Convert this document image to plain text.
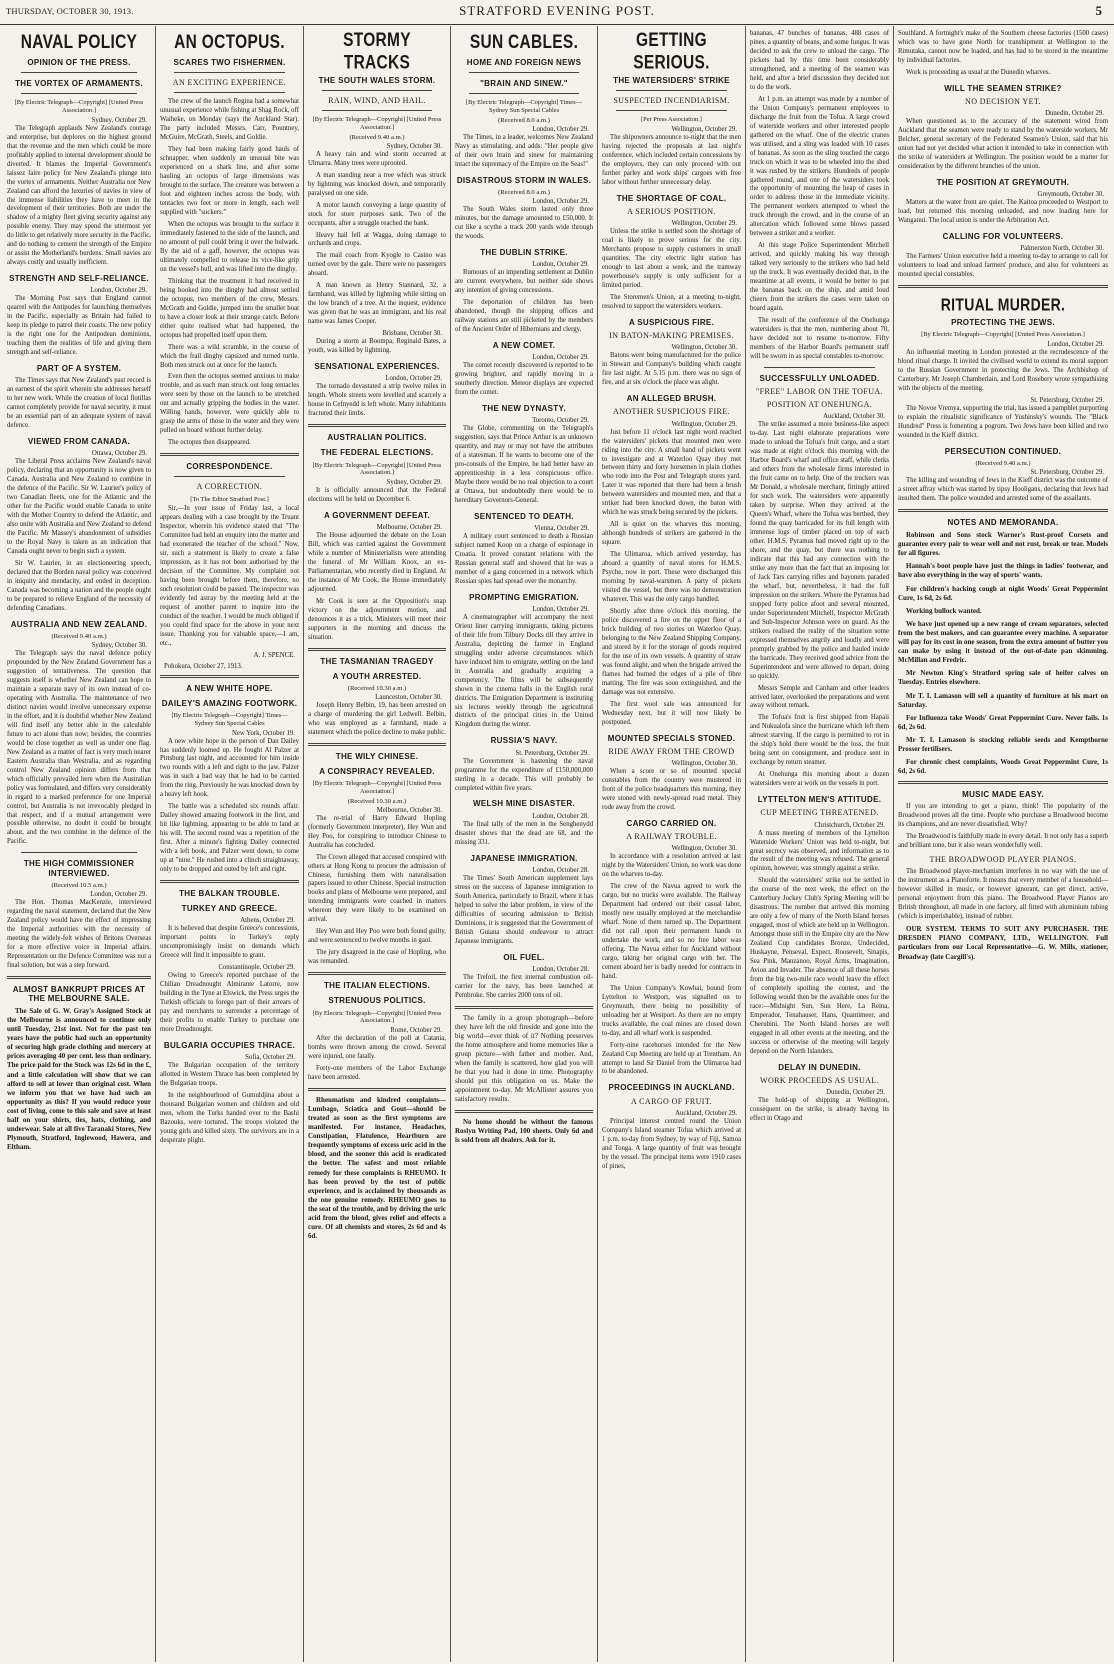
THURSDAY, OCTOBER 30, 1913.	STRATFORD EVENING POST.	5
NAVAL POLICY
OPINION OF THE PRESS.
THE VORTEX OF ARMAMENTS.
[By Electric Telegraph—Copyright] [United Press Association.]
Sydney, October 29.

The Telegraph applauds New Zealand's courage and enterprise, but deplores on the highest ground that the revenue and the men which could be more profitably applied to internal development should be diverted. It blames the Imperial Government's laissez faire policy for New Zealand's plunge into the vortex of armaments. Neither Australia nor New Zealand can afford the luxuries of navies in view of the immense liabilities they have to meet in the development of their territories. Both are under the shadow of a mighty fleet giving security against any possible enemy. They may spend the uttermost yet do little to get relatively more security in the Pacific, and do nothing to cement the strength of the Empire or assist the Motherland's burdens. Small navies are always costly and usually inefficient.

STRENGTH AND SELF-RELIANCE.
London, October 29.

The Morning Post says that England cannot quarrel with the Antipodes for launching themselves in the Pacific, especially as Britain had failed to keep its pledge to patrol their coasts. The new policy is the right one for the Antipodean dominions, teaching them the realities of life and giving them strength and self-reliance.

PART OF A SYSTEM.

The Times says that New Zealand's past record is an earnest of the spirit wherein she addresses herself to her new work. While the creation of local flotillas cannot completely provide for naval security, it must be an essential part of an adequate system of naval defence.

VIEWED FROM CANADA.
Ottawa, October 29.

The Liberal Press acclaims New Zealand's naval policy, declaring that an opportunity is now given to Canada, Australia and New Zealand to combine in the defence of the Pacific. Sir W. Laurier's policy of two Canadian fleets, one for the Atlantic and the other for the Pacific would enable Canada to unite with the Mother Country to defend the Atlantic, and also unite with Australia and New Zealand to defend the Pacific. Mr Massey's abandonment of subsidies to the Royal Navy is taken as an indication that Canada ought never to begin such a system.

Sir W. Laurier, in an electioneering speech, declared that the Borden naval policy was conceived in iniquity and mendacity, and ended in deception. Canada was becoming a nation and the people ought to be prepared to relieve England of the necessity of defending Canadians.

AUSTRALIA AND NEW ZEALAND.
(Received 9.40 a.m.)
Sydney, October 30.

The Telegraph says the naval defence policy propounded by the New Zealand Government has a suggestion of tentativeness. The question that suggests itself is whether New Zealand can hope to maintain a separate navy of its own instead of co-operating with Australia. The maintenance of two distinct navies would involve unnecessary expense in the effort, and it is doubtful whether New Zealand will find itself any better able in the calculable future to act alone than now; besides, the countries would be close together as well as under one flag. New Zealand as a matter of fact is very much nearer Eastern Australia than Westralia, and as regarding control New Zealand opinion differs from that which officially prevailed here when the Australian policy was formulated, and differs very considerably in regard to a marked preference for one Imperial control, but Australia is not irrevocably pledged in that respect, and if a mutual arrangement were possible otherwise, no doubt it could be brought about, and the two combine in the defence of the Pacific.

THE HIGH COMMISSIONER INTERVIEWED.
(Received 10.5 a.m.)
London, October 29.

The Hon. Thomas MacKenzie, interviewed regarding the naval statement, declared that the New Zealand policy would have the effect of impressing the Imperial authorities with the necessity of meeting the widely-felt wishes of Britons Overseas for a more effective voice in Imperial affairs. Representation on the Defence Committee was not a final solution, but was a step forward.

ALMOST BANKRUPT PRICES AT THE MELBOURNE SALE.

The Sale of G. W. Gray's Assigned Stock at the Melbourne is announced to continue only until Tuesday, 21st inst. Not for the past ten years have the public had such an opportunity of securing high grade clothing and mercery at prices averaging 40 per cent. less than ordinary. The price paid for the Stock was 12s 6d in the £, and a little calculation will show that we can afford to sell at lower than original cost. When we inform you that we have had such an opportunity as this? If you would reduce your cost of living, come to this sale and save at least half on your shirts, ties, hats, clothing, and underwear. Sale at all five Taranaki Stores, New Plymouth, Stratford, Inglewood, Hawera, and Eltham.

AN OCTOPUS.
SCARES TWO FISHERMEN.
AN EXCITING EXPERIENCE.

The crew of the launch Regina had a somewhat unusual experience while fishing at Shag Rock, off Waiheke, on Monday (says the Auckland Star). The party included Messrs. Carr, Pountney, McGuire, McGrath, Steels, and Goldie.

They had been making fairly good hauls of schnapper, when suddenly an unusual bite was experienced on a shark line, and after some hauling an octopus of large dimensions was brought to the surface. The creature was between a foot and eighteen inches across the body, with tentacles two feet or more in length, each well supplied with "suckers."

When the octopus was brought to the surface it immediately fastened to the side of the launch, and no amount of pull could bring it over the bulwark. By the aid of a gaff, however, the octopus was ultimately compelled to release its vice-like grip on the vessel's hull, and was lifted into the dinghy.

Thinking that the treatment it had received in being hooked into the dinghy had almost settled the octopus, two members of the crew, Messrs. McGrath and Goldie, jumped into the smaller boat to have a closer look at their strange catch. Before either quite realised what had happened, the octopus had propelled itself upon them.

There was a wild scramble, in the course of which the frail dinghy capsized and turned turtle. Both men struck out at once for the launch.

Even then the octopus seemed anxious to make trouble, and as each man struck out long tentacles were seen by those on the launch to be stretched out and actually gripping the bodies in the water. Willing hands, however, were quickly able to grasp the arms of those in the water and they were pulled on board without further delay.

The octopus then disappeared.

CORRESPONDENCE.
A CORRECTION.
[To The Editor Stratford Post.]

Sir,—In your issue of Friday last, a local appears dealing with a case brought by the Truant Inspector, wherein his evidence stated that "The Committee had held an enquiry into the matter and had exonerated the teacher of the school." Now, sir, such a statement is likely to create a false impression, as it has not been authorised by the decision of the Committee. My complaint not having been brought before them, therefore, no such resolution could be passed. The inspector was evidently led astray by the meeting held at the request of another parent to inquire into the conduct of the teacher. I would be much obliged if you could find space for the above in your next issue. Thanking you for valuable space,—I am, etc.,

A. J. SPENCE.
Pohokura, October 27, 1913.
A NEW WHITE HOPE.
DAILEY'S AMAZING FOOTWORK.
[By Electric Telegraph—Copyright] Times—Sydney Sun Special Cables
New York, October 19.

A new white hope in the person of Dan Dailey has suddenly loomed up. He fought Al Palzer at Pittsburg last night, and accounted for him inside two rounds with a left and right to the jaw. Palzer was in such a bad way that he had to be carried from the ring. Previously he was knocked down by a heavy left hook.

The battle was a scheduled six rounds affair. Dailey showed amazing footwork in the first, and hit like lightning, appearing to be able to land at his will. The second round was a repetition of the first. After a minute's fighting Dailey connected with a left hook, and Palzer went down, to come up at "nine." He rushed into a clinch straightaway, only to be dropped and outed by left and right.

THE BALKAN TROUBLE.
TURKEY AND GREECE.
Athens, October 29.

It is believed that despite Greece's concessions, important points in Turkey's reply uncompromisingly insist on demands which Greece will find it impossible to grant.

Constantinople, October 29.

Owing to Greece's reported purchase of the Chilian Dreadnought Almirante Latorre, now building in the Tyne at Elswick, the Press urges the Turkish officials to forego part of their arrears of pay and merchants to surrender a percentage of their profits to enable Turkey to purchase one more Dreadnought.

BULGARIA OCCUPIES THRACE.
Sofia, October 29.

The Bulgarian occupation of the territory allotted in Western Thrace has been completed by the Bulgarian troops.

In the neighbourhood of Gumuldjina about a thousand Bulgarian women and children and old men, whom the Turks handed over to the Bashi Bazouks, were tortured. The troops violated the young girls and killed sixty. The survivors are in a desperate plight.

STORMY TRACKS
THE SOUTH WALES STORM.
RAIN, WIND, AND HAIL.
[By Electric Telegraph—Copyright] [United Press Association.]
(Received 9.40 a.m.)
Sydney, October 30.

A heavy rain and wind storm occurred at Ulmarra. Many trees were uprooted.

A man standing near a tree which was struck by lightning was knocked down, and temporarily paralysed on one side.

A motor launch conveying a large quantity of stock for store purposes sank. Two of the occupants, after a struggle reached the bank.

Heavy hail fell at Wagga, doing damage to orchards and crops.

The mail coach from Kyogle to Casino was turned over by the gale. There were no passengers aboard.

A man known as Henry Stannard, 32, a farmhand, was killed by lightning while sitting on the low branch of a tree. At the inquest, evidence was given that he was an immigrant, and his real name was James Cooper.

Brisbane, October 30.

During a storm at Boompa, Reginald Bates, a youth, was killed by lightning.

SENSATIONAL EXPERIENCES.
London, October 29.

The tornado devastated a strip twelve miles in length. Whole streets were levelled and scarcely a house in Cefnyedd is left whole. Many inhabitants fractured their limbs.

AUSTRALIAN POLITICS.
THE FEDERAL ELECTIONS.
[By Electric Telegraph—Copyright] [United Press Association.]
Sydney, October 29.

It is officially announced that the Federal elections will be held on December 6.

A GOVERNMENT DEFEAT.
Melbourne, October 29.

The House adjourned the debate on the Loan Bill, which was carried against the Government while a number of Ministerialists were attending the funeral of Mr William Knox, an ex-Parliamentarian, who recently died in England. At the instance of Mr Cook, the House immediately adjourned.

Mr Cook is sore at the Opposition's snap victory on the adjournment motion, and denounces it as a trick. Ministers will meet their supporters in the morning and discuss the situation.

THE TASMANIAN TRAGEDY
A YOUTH ARRESTED.
(Received 10.30 a.m.)
Launceston, October 30.

Joseph Henry Belbin, 19, has been arrested on a charge of murdering the girl Ledwell. Belbin, who was employed as a farmhand, made a statement which the police decline to make public.

THE WILY CHINESE.
A CONSPIRACY REVEALED.
[By Electric Telegraph—Copyright] [United Press Association.]
(Received 10.30 a.m.)
Melbourne, October 30.

The re-trial of Harry Edward Hopling (formerly Government interpreter), Hey Wun and Hey Poo, for conspiring to introduce Chinese to Australia has concluded.

The Crown alleged that accused conspired with others at Hong Kong to procure the admission of Chinese, furnishing them with naturalisation papers issued to other Chinese. Special instruction books and plans of Melbourne were prepared, and intending immigrants were coached in matters whereon they were likely to be examined on arrival.

Hey Wun and Hey Poo were both found guilty, and were sentenced to twelve months in gaol.

The jury disagreed in the case of Hopling, who was remanded.

THE ITALIAN ELECTIONS.
STRENUOUS POLITICS.
[By Electric Telegraph—Copyright] [United Press Association.]
Rome, October 29.

After the declaration of the poll at Catania, bombs were thrown among the crowd. Several were injured, one fatally.

Forty-one members of the Labor Exchange have been arrested.

Rheumatism and kindred complaints—Lumbago, Sciatica and Gout—should be treated as soon as the first symptoms are manifested. For instance, Headaches, Constipation, Flatulence, Heartburn are frequently symptoms of excess uric acid in the blood, and the sooner this acid is eradicated the better. The safest and most reliable remedy for these complaints is RHEUMO. It has been proved by the test of public experience, and is acclaimed by thousands as the one genuine remedy. RHEUMO goes to the seat of the trouble, and by driving the uric acid from the blood, gives relief and effects a cure. Of all chemists and stores, 2s 6d and 4s 6d.

SUN CABLES.
HOME AND FOREIGN NEWS
"BRAIN AND SINEW."
[By Electric Telegraph—Copyright] Times—Sydney Sun Special Cables
(Received 8.0 a.m.)
London, October 29.

The Times, in a leader, welcomes New Zealand Navy as stimulating, and adds: "Her people give of their own brain and sinew for maintaining intact the supremacy of the Empire on the Seas!"

DISASTROUS STORM IN WALES.
(Received 8.0 a.m.)
London, October 29.

The South Wales storm lasted only three minutes, but the damage amounted to £50,000. It cut like a scythe a track 200 yards wide through the woods.

THE DUBLIN STRIKE.
London, October 29.

Rumours of an impending settlement at Dublin are current everywhere, but neither side shows any intention of giving concessions.

The deportation of children has been abandoned, though the shipping offices and railway stations are still picketed by the members of the Ancient Order of Hibernians and clergy.

A NEW COMET.
London, October 29.

The comet recently discovered is reported to be growing brighter, and rapidly moving in a southerly direction. Meteor displays are expected from the comet.

THE NEW DYNASTY.
Toronto, October 29.

The Globe, commenting on the Telegraph's suggestion, says that Prince Arthur is an unknown quantity, and may or may not have the attributes of a statesman. If he wants to become one of the pro-consuls of the Empire, he had better have an apprenticeship in a less conspicuous office. Maybe there would be no real objection to a court at Ottawa, but undoubtedly there would be to hereditary Governors-General.

SENTENCED TO DEATH.
Vienna, October 29.

A military court sentenced to death a Russian subject named Koop on a charge of espionage in Croatia. It proved constant relations with the Russian general staff and showed that he was a member of a gang concerned in a network which Russian spies had spread over the monarchy.

PROMPTING EMIGRATION.
London, October 29.

A cinematographer will accompany the next Orient liner carrying immigrants, taking pictures of their life from Tilbury Docks till they arrive in Australia, depicting the farmer in England struggling under adverse circumstances which have induced him to emigrate, settling on the land in Australia and gradually acquiring a competency. The films will be subsequently shown in the cinema halls in the English rural districts. The Emigration Department is instituting six lectures weekly through the agricultural districts of the principal cities in the United Kingdom during the winter.

RUSSIA'S NAVY.
St. Petersburg, October 29.

The Government is hastening the naval programme for the expenditure of £150,000,000 sterling in a decade. This will probably be completed within five years.

WELSH MINE DISASTER.
London, October 28.

The final tally of the men in the Senghenydd disaster shows that the dead are 68, and the missing 331.

JAPANESE IMMIGRATION.
London, October 28.

The Times' South American supplement lays stress on the success of Japanese immigration to South America, particularly to Brazil, where it has helped to solve the labor problem, in view of the difficulties of securing admission to British Dominions, it is suggested that the Government of British Guiana should endeavour to attract Japanese immigrants.

OIL FUEL.
London, October 28.

The Trefoil, the first internal combustion oil-carrier for the navy, has been launched at Pembroke. She carries 2000 tons of oil.

The family in a group photograph—before they have left the old fireside and gone into the big world—ever think of it? Nothing preserves the home atmosphere and home memories like a group picture—with father and mother. And, when the family is scattered, how glad you will be that you had it done in time. Photography should put this obligation on us. Make the appointment to-day. Mr McAllister assures you satisfactory results.

No home should be without the famous Roslyn Writing Pad, 100 sheets. Only 6d and is sold from all dealers. Ask for it.

GETTING SERIOUS.
THE WATERSIDERS' STRIKE
SUSPECTED INCENDIARISM.
[Per Press Association.]
Wellington, October 29.

The shipowners announce to-night that the men having rejected the proposals at last night's conference, which included certain concessions by the employers, they can only proceed with out further parley and work ships' cargoes with free labor without further unnecessary delay.

THE SHORTAGE OF COAL.
A SERIOUS POSITION.
Wellington, October 29.

Unless the strike is settled soon the shortage of coal is likely to prove serious for the city. Merchants propose to supply customers in small quantities. The city electric light station has enough to last about a week, and the tramway powerhouse's supply is only sufficient for a limited period.

The Storemen's Union, at a meeting to-night, resolved to support the watersiders workers.

A SUSPICIOUS FIRE.
IN BATON-MAKING PREMISES.
Wellington, October 30.

Batons were being manufactured for the police in Stewart and Company's building which caught fire last night. At 5.15 p.m. there was no sign of fire, and at six o'clock the place was alight.

AN ALLEGED BRUSH.
ANOTHER SUSPICIOUS FIRE.
Wellington, October 29.

Just before 11 o'clock last night word reached the watersiders' pickets that mounted men were riding into the city. A small band of pickets went to investigate and at Waterloo Quay they met between thirty and forty horsemen in plain clothes who rode into the Post and Telegraph stores yard. Later it was reported that there had been a brush between watersiders and mounted men, and that a striker had been knocked down, the baton with which he was struck being secured by the pickets.

All is quiet on the wharves this morning, although hundreds of strikers are gathered in the square.

The Ulimaroa, which arrived yesterday, has aboard a quantity of naval stores for H.M.S. Psyche, now in port. These were discharged this morning by naval-warsmen. A party of pickets visited the vessel, but there was no demonstration whatever. This was the only cargo handled.

Shortly after three o'clock this morning, the police discovered a fire on the upper floor of a brick building of two stories on Waterloo Quay, belonging to the New Zealand Shipping Company, and stored by it for the storage of goods required for the use of its own vessels. A quantity of straw was found alight, and when the brigade arrived the flames had burned the edges of a pile of fibre matting. The fire was soon extinguished, and the damage was not extensive.

The first wool sale was announced for Wednesday next, but it will now likely be postponed.

MOUNTED SPECIALS STONED.
RIDE AWAY FROM THE CROWD
Wellington, October 30.

When a score or so of mounted special constables from the country were mustered in front of the police headquarters this morning, they were stoned with newly-spread road metal. They rode away from the crowd.

CARGO CARRIED ON.
A RAILWAY TROUBLE.
Wellington, October 30.

In accordance with a resolution arrived at last night by the Watersiders' Union, no work was done on the wharves to-day.

The crew of the Navua agreed to work the cargo, but no trucks were available. The Railway Department had ordered out their casual labor, mostly new usually employed at the merchandise wharf. None of them turned up. The Department did not call upon their permanent hands to undertake the work, and so no free labor was offering. The Navua either for Auckland without cargo, taking her original cargo with her. The cement aboard her is badly needed for contracts in hand.

The Union Company's Kowhai, bound from Lyttelton to Westport, was signalled on to Greymouth, there being no possibility of unloading her at Westport. As there are no empty trucks available, the coal mines are closed down to-day, and all wharf work is suspended.

Forty-nine racehorses intended for the New Zealand Cup Meeting are held up at Trentham. An attempt to land Sir Daniel from the Ulimaroa had to be abandoned.

PROCEEDINGS IN AUCKLAND.
A CARGO OF FRUIT.
Auckland, October 29.

Principal interest centred round the Union Company's Island steamer Tofua which arrived at 1 p.m. to-day from Sydney, by way of Fiji, Samoa and Tonga. A large quantity of fruit was brought by the vessel. The principal items were 1910 cases of pines,

bananas, 47 bunches of bananas, 488 cases of pines, a quantity of beans, and some fungus. It was decided to ask the crew to unload the cargo. The pickets had by this time been considerably strengthened, and a meeting of the seamen was held, and after a brief discussion they decided not to do the work.

At 1 p.m. an attempt was made by a number of the Union Company's permanent employees to discharge the fruit from the Tofua. A large crowd of waterside workers and other interested people gathered on the wharf. One of the electric cranes was utilised, and a sling was loaded with 10 cases of bananas. As soon as the sling touched the cargo truck on which it was to be wheeled into the shed it was rushed by the strikers. Hundreds of people gathered round, and one of the watersiders took the opportunity of mounting the heap of cases in order to address those in the immediate vicinity. The permanent workers attempted to wheel the truck through the crowd, and in the course of an altercation which followed some blows passed between a striker and a worker.

At this stage Police Superintendent Mitchell arrived, and quickly making his way through talked very seriously to the strikers who had held up the truck. It was eventually decided that, in the meantime at all events, it would be better to put the bananas back on the ship, and amid loud cheers from the strikers the cases were taken on board again.

The result of the conference of the Onehunga watersiders is that the men, numbering about 70, have decided not to resume to-morrow. Fifty members of the Harbor Board's permanent staff will be sworn in as special constables to-morrow.

SUCCESSFULLY UNLOADED.
"FREE" LABOR ON THE TOFUA.
POSITION AT ONEHUNGA.
Auckland, October 30.

The strike assumed a more business-like aspect to-day. Last night elaborate preparations were made to unload the Tofua's fruit cargo, and a start was made at eight o'clock this morning with the Harbor Board's wharf and office staff, while clerks and others from the wholesale firms interested in the fruit came on to help. One of the truckers was Mr Donald, a wholesale merchant, fittingly attired for such work. The watersiders were apparently taken by surprise. When they arrived at the Queen's Wharf, where the Tofua was berthed, they found the quay barricaded for its full length with immense logs of timber placed on top of each other. H.M.S. Pyramus had moved right up to the shore, and the quay, but there was nothing to indicate that this had any connection with the strike any more than the fact that an imposing lot of Jack Tars carrying rifles and bayonets paraded the wharf, but, nevertheless, it had the full impression on the strikers. Where the Pyramus had stopped forty police afoot and several mounted, under Superintendent Mitchell, Inspector McGrath and Sub-Inspector Johnson were on guard. As the strikers realised the reality of the situation some expressed themselves angrily and loudly and were promptly grabbed by the police and hauled inside the barricade. They received good advice from the Superintendent and were allowed to depart, doing so quickly.

Messrs Semple and Canham and other leaders arrived later, overlooked the preparations and went away without remark.

The Tofua's fruit is first shipped from Hapaii and Nukualofa since the hurricane which left them almost starving. If the cargo is permitted to rot in the ship's hold there would be the loss, the fruit being sent on consignment, and produce sent in exchange by return steamer.

At Onehunga this morning about a dozen watersiders were at work on the vessels in port.

LYTTELTON MEN'S ATTITUDE.
CUP MEETING THREATENED.
Christchurch, October 29.

A mass meeting of members of the Lyttelton Waterside Workers' Union was held to-night, but great secrecy was observed, and information as to the result of the meeting was refused. The general opinion, however, was strongly against a strike.

Should the watersiders' strike not be settled in the course of the next week, the effect on the Canterbury Jockey Club's Spring Meeting will be disastrous. The number that arrived this morning are only a few of many of the North Island horses engaged, most of which are held up in Wellington. Amongst those still in the Empire city are the New Zealand Cup candidates Bronze, Undecided, Huskayne, Penseval, Expect, Roosevelt, Sinapis, Sea Pink, Manzanoo, Royal Arms, Imagination, Avion and Invader. The absence of all these horses from the big two-mile race would leave the effect of completely spoiling the contest, and the following would then be the available ones for the race:—Midnight Sun, Sun Here, La Reina, Emperador, Tenahauser, Hans, Quantimeer, and Cherubini. The North Island horses are well engaged in all other events at the meeting, and the success or otherwise of the meeting will largely depend on the North Islanders.

DELAY IN DUNEDIN.
WORK PROCEEDS AS USUAL.
Dunedin, October 29.

The hold-up of shipping at Wellington, consequent on the strike, is already having its effect in Otago and

Southland. A fortnight's make of the Southern cheese factories (1500 cases) which was to have gone North for transhipment at Wellington to the Rimutaka, cannot now be loaded, and has had to be stored in the meantime by individual factories.

Work is proceeding as usual at the Dunedin wharves.

WILL THE SEAMEN STRIKE?
NO DECISION YET.
Dunedin, October 29.

When questioned as to the accuracy of the statement wired from Auckland that the seamen were ready to stand by the waterside workers, Mr Belcher, general secretary of the Federated Seamen's Union, said that his union had not yet decided what action it intended to take in connection with the strike of watersiders at Wellington. The position would be a matter for consideration by the different branches of the union.

THE POSITION AT GREYMOUTH.
Greymouth, October 30.

Matters at the water front are quiet. The Kaitoa proceeded to Westport to load, but returned this morning unloaded, and now loading here for Wanganui. The local union is under the Arbitration Act.

CALLING FOR VOLUNTEERS.
Palmerston North, October 30.

The Farmers' Union executive held a meeting to-day to arrange to call for volunteers to load and unload farmers' produce, and also for volunteers as mounted special constables.

RITUAL MURDER.
PROTECTING THE JEWS.
[By Electric Telegraph—Copyright] [United Press Association.]
London, October 29.

An influential meeting in London protested at the recrudescence of the blood ritual charge. It invited the civilised world to extend its moral support to the Russian Government in protecting the Jews. The Archbishop of Canterbury, Mr Joseph Chamberlain, and Lord Rosebery wrote sympathising with the objects of the meeting.

St. Petersburg, October 29.

The Novoe Vremya, supporting the trial, has issued a pamphlet purporting to explain the ritualistic significance of Yushinsky's wounds. The "Black Hundred" Press is fomenting a pogrom. Two Jews have been killed and two wounded in the Kieff district.

PERSECUTION CONTINUED.
(Received 9.40 a.m.)
St. Petersburg, October 29.

The killing and wounding of Jews in the Kieff district was the outcome of a street affray which was started by tipsy Hooligans, declaring that Jews had insulted them. The police wounded and arrested some of the assailants.

NOTES AND MEMORANDA.

Robinson and Sons stock Warner's Rust-proof Corsets and guarantee every pair to wear well and not rust, break or tear. Models for all figures.

Hannah's boot people have just the things in ladies' footwear, and have also everything in the way of sports' wants.

For children's hacking cough at night Woods' Great Peppermint Cure, 1s 6d, 2s 6d.

Working bullock wanted.

We have just opened up a new range of cream separators, selected from the best makers, and can guarantee every machine. A separator will pay for its cost in one season, from the extra amount of butter you can make by using it instead of the out-of-date pan skimming. McMillan and Fredric.

Mr Newton King's Stratford spring sale of heifer calves on Tuesday. Entries elsewhere.

Mr T. I. Lamason will sell a quantity of furniture at his mart on Saturday.

For Influenza take Woods' Great Peppermint Cure. Never fails. 1s 6d, 2s 6d.

Mr T. I. Lamason is stocking reliable seeds and Kempthorne Prosser fertilisers.

For chronic chest complaints, Woods Great Peppermint Cure, 1s 6d, 2s 6d.

MUSIC MADE EASY.

If you are intending to get a piano, think! The popularity of the Broadwood proves all the time. People who purchase a Broadwood become its champions, and are never dissatisfied. Why?

The Broadwood is faithfully made in every detail. It not only has a superb and brilliant tone, but it also wears wonderfully well.

THE BROADWOOD PLAYER PIANOS.

The Broadwood player-mechanism interferes in no way with the use of the instrument as a Pianoforte. It means that every member of a household—however skilled in music, or however ignorant, can get direct, active, personal enjoyment from this piano. The Broadwood Player Pianos are British throughout, all made in one factory, all fitted with aluminium tubing (which is imperishable), instead of rubber.

OUR SYSTEM. TERMS TO SUIT ANY PURCHASER. THE DRESDEN PIANO COMPANY, LTD., WELLINGTON. Full particulars from our Local Representative—G. W. Mills, stationer, Broadway (late Cargill's).
